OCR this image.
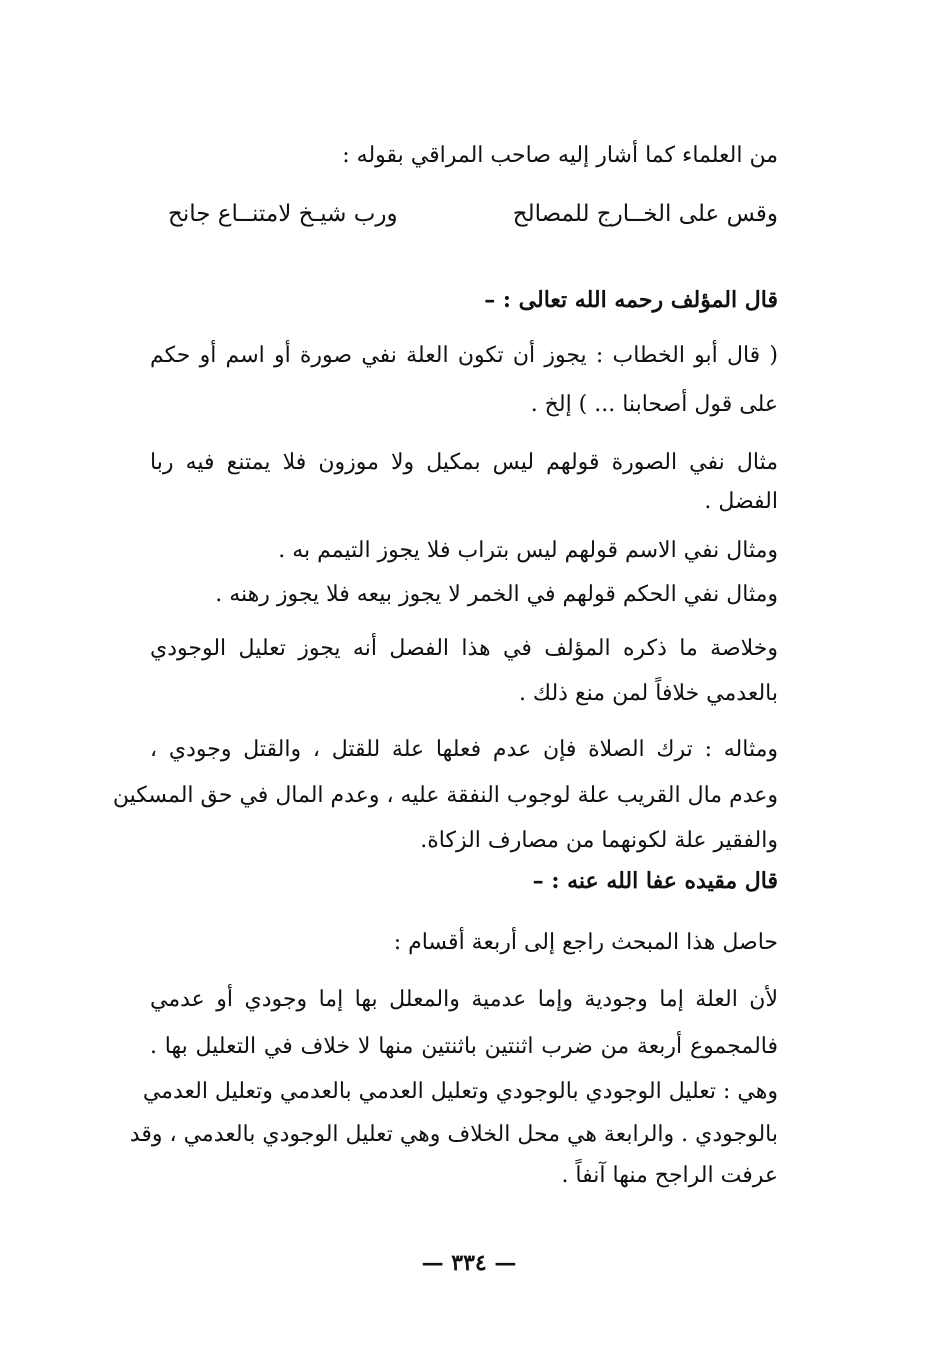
من العلماء كما أشار إليه صاحب المراقي بقوله :
وقس على الخــارج للمصالح
ورب شيـخ لامتنــاع جانح
قال المؤلف رحمه الله تعالى : –
( قال أبو الخطاب : يجوز أن تكون العلة نفي صورة أو اسم أو حكم
على قول أصحابنا ... ) إلخ .
مثال نفي الصورة قولهم ليس بمكيل ولا موزون فلا يمتنع فيه ربا
الفضل .
ومثال نفي الاسم قولهم ليس بتراب فلا يجوز التيمم به .
ومثال نفي الحكم قولهم في الخمر لا يجوز بيعه فلا يجوز رهنه .
وخلاصة ما ذكره المؤلف في هذا الفصل أنه يجوز تعليل الوجودي
بالعدمي خلافاً لمن منع ذلك .
ومثاله : ترك الصلاة فإن عدم فعلها علة للقتل ، والقتل وجودي ،
وعدم مال القريب علة لوجوب النفقة عليه ، وعدم المال في حق المسكين
والفقير علة لكونهما من مصارف الزكاة.
قال مقيده عفا الله عنه : –
حاصل هذا المبحث راجع إلى أربعة أقسام :
لأن العلة إما وجودية وإما عدمية والمعلل بها إما وجودي أو عدمي
فالمجموع أربعة من ضرب اثنتين باثنتين منها لا خلاف في التعليل بها .
وهي : تعليل الوجودي بالوجودي وتعليل العدمي بالعدمي وتعليل العدمي
بالوجودي . والرابعة هي محل الخلاف وهي تعليل الوجودي بالعدمي ، وقد
عرفت الراجح منها آنفاً .
— ٣٣٤ —
